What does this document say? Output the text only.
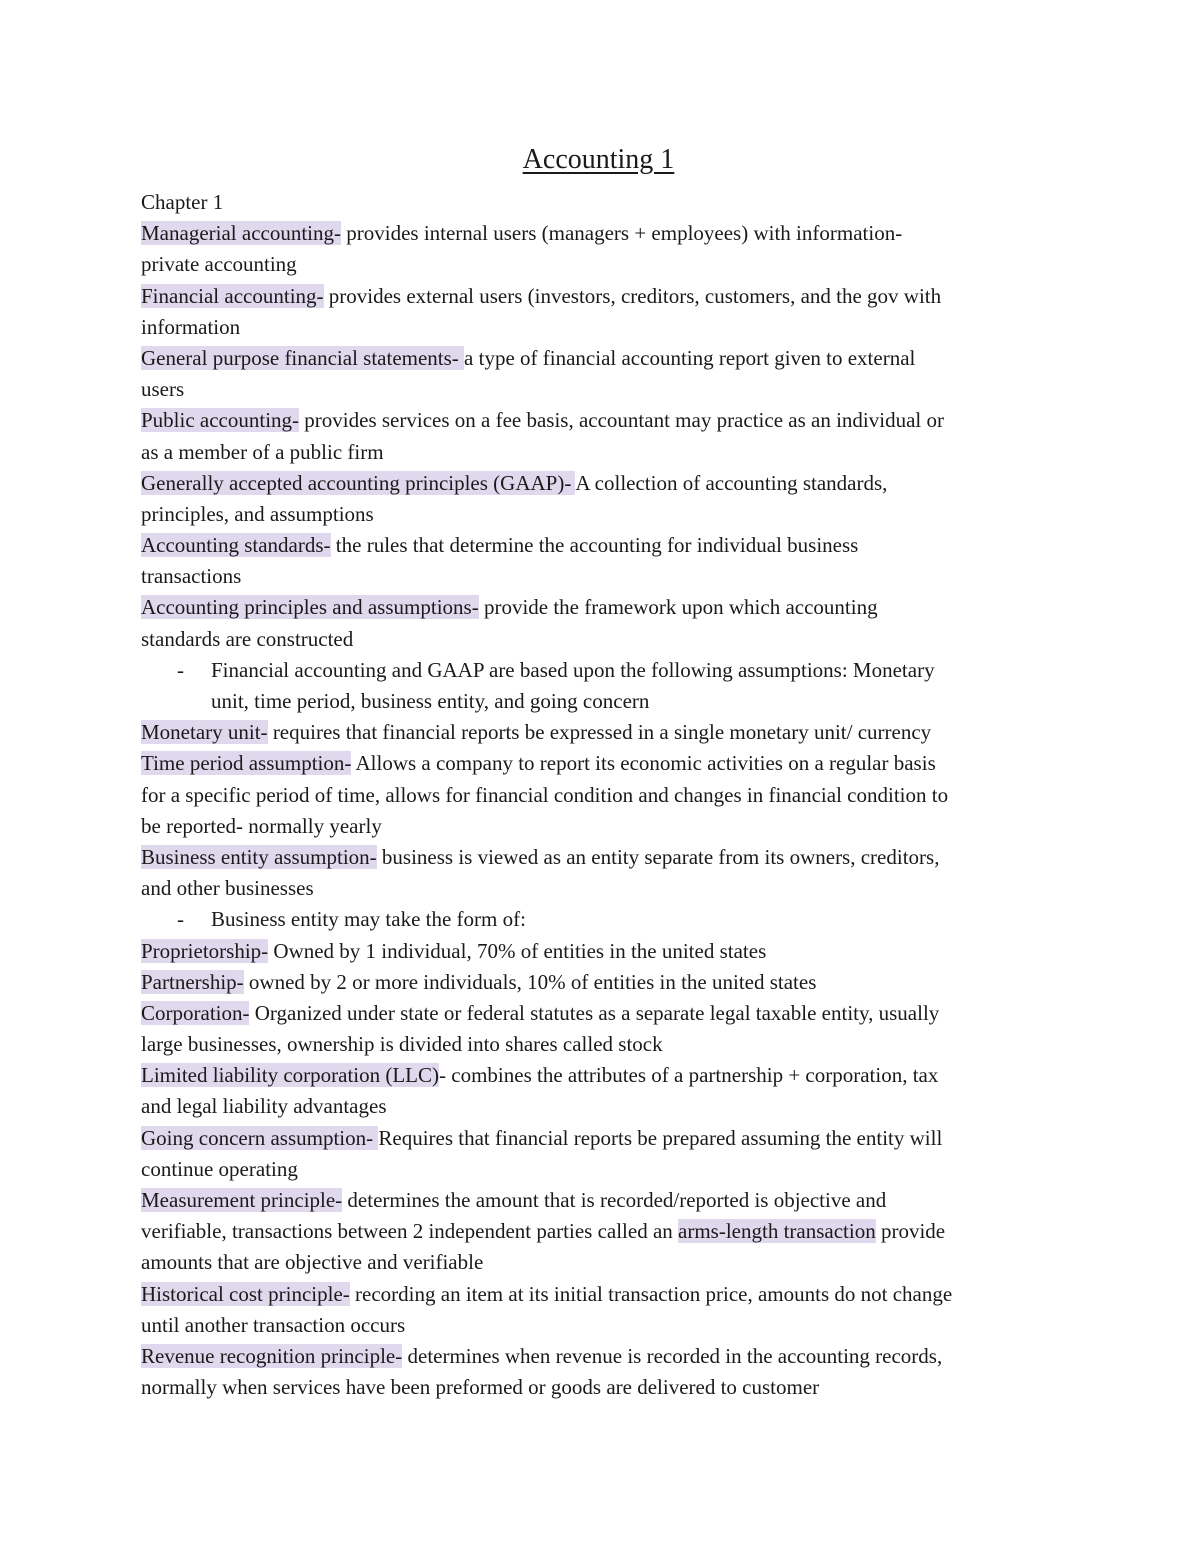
Accounting 1
Chapter 1
Managerial accounting- provides internal users (managers + employees) with information-
private accounting
Financial accounting- provides external users (investors, creditors, customers, and the gov with
information
General purpose financial statements- a type of financial accounting report given to external
users
Public accounting- provides services on a fee basis, accountant may practice as an individual or
as a member of a public firm
Generally accepted accounting principles (GAAP)- A collection of accounting standards,
principles, and assumptions
Accounting standards- the rules that determine the accounting for individual business
transactions
Accounting principles and assumptions- provide the framework upon which accounting
standards are constructed
-	Financial accounting and GAAP are based upon the following assumptions: Monetary
unit, time period, business entity, and going concern
Monetary unit- requires that financial reports be expressed in a single monetary unit/ currency
Time period assumption- Allows a company to report its economic activities on a regular basis
for a specific period of time, allows for financial condition and changes in financial condition to
be reported- normally yearly
Business entity assumption- business is viewed as an entity separate from its owners, creditors,
and other businesses
-	Business entity may take the form of:
Proprietorship- Owned by 1 individual, 70% of entities in the united states
Partnership- owned by 2 or more individuals, 10% of entities in the united states
Corporation- Organized under state or federal statutes as a separate legal taxable entity, usually
large businesses, ownership is divided into shares called stock
Limited liability corporation (LLC)- combines the attributes of a partnership + corporation, tax
and legal liability advantages
Going concern assumption- Requires that financial reports be prepared assuming the entity will
continue operating
Measurement principle- determines the amount that is recorded/reported is objective and
verifiable, transactions between 2 independent parties called an arms-length transaction provide
amounts that are objective and verifiable
Historical cost principle- recording an item at its initial transaction price, amounts do not change
until another transaction occurs
Revenue recognition principle- determines when revenue is recorded in the accounting records,
normally when services have been preformed or goods are delivered to customer
